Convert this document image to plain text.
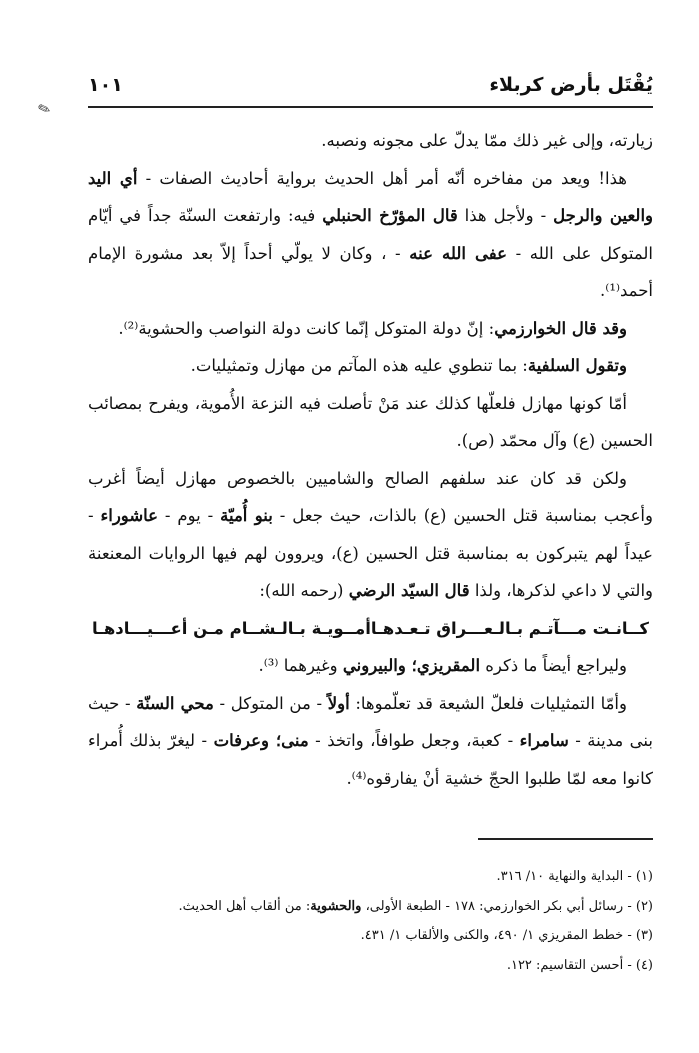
يُقْتَل بأرض كربلاء
١٠١
✎

زيارته، وإلى غير ذلك ممّا يدلّ على مجونه ونصبه.

هذا! ويعد من مفاخره أنّه أمر أهل الحديث برواية أحاديث الصفات - أي اليد والعين والرجل - ولأجل هذا قال المؤرّخ الحنبلي فيه: وارتفعت السنّة جداً في أيّام المتوكل على الله - عفى الله عنه - ، وكان لا يولّي أحداً إلاّ بعد مشورة الإمام أحمد⁽¹⁾.

وقد قال الخوارزمي: إنّ دولة المتوكل إنّما كانت دولة النواصب والحشوية⁽²⁾.

وتقول السلفية: بما تنطوي عليه هذه المآتم من مهازل وتمثيليات.

أمّا كونها مهازل فلعلّها كذلك عند مَنْ تأصلت فيه النزعة الأُموية، ويفرح بمصائب الحسين (ع) وآل محمّد (ص).

ولكن قد كان عند سلفهم الصالح والشاميين بالخصوص مهازل أيضاً أغرب وأعجب بمناسبة قتل الحسين (ع) بالذات، حيث جعل - بنو أُميّة - يوم - عاشوراء - عيداً لهم يتبركون به بمناسبة قتل الحسين (ع)، ويروون لهم فيها الروايات المعنعنة والتي لا داعي لذكرها، ولذا قال السيّد الرضي (رحمه الله):

كــانـت مـــآتـم بـالـعـــراق تـعـدهـا
أمــويـة بـالـشــام مـن أعـــيـــادهـا

وليراجع أيضاً ما ذكره المقريزي؛ والبيروني وغيرهما ⁽³⁾.

وأمّا التمثيليات فلعلّ الشيعة قد تعلّموها: أولاً - من المتوكل - محي السنّة - حيث بنى مدينة - سامراء - كعبة، وجعل طوافاً، واتخذ - منى؛ وعرفات - ليغرّ بذلك أُمراء كانوا معه لمّا طلبوا الحجّ خشية أنْ يفارقوه⁽⁴⁾.

(١) - البداية والنهاية ١٠/ ٣١٦.

(٢) - رسائل أبي بكر الخوارزمي: ١٧٨ - الطبعة الأولى، والحشوية: من ألقاب أهل الحديث.

(٣) - خطط المقريزي ١/ ٤٩٠، والكنى والألقاب ١/ ٤٣١.

(٤) - أحسن التقاسيم: ١٢٢.
